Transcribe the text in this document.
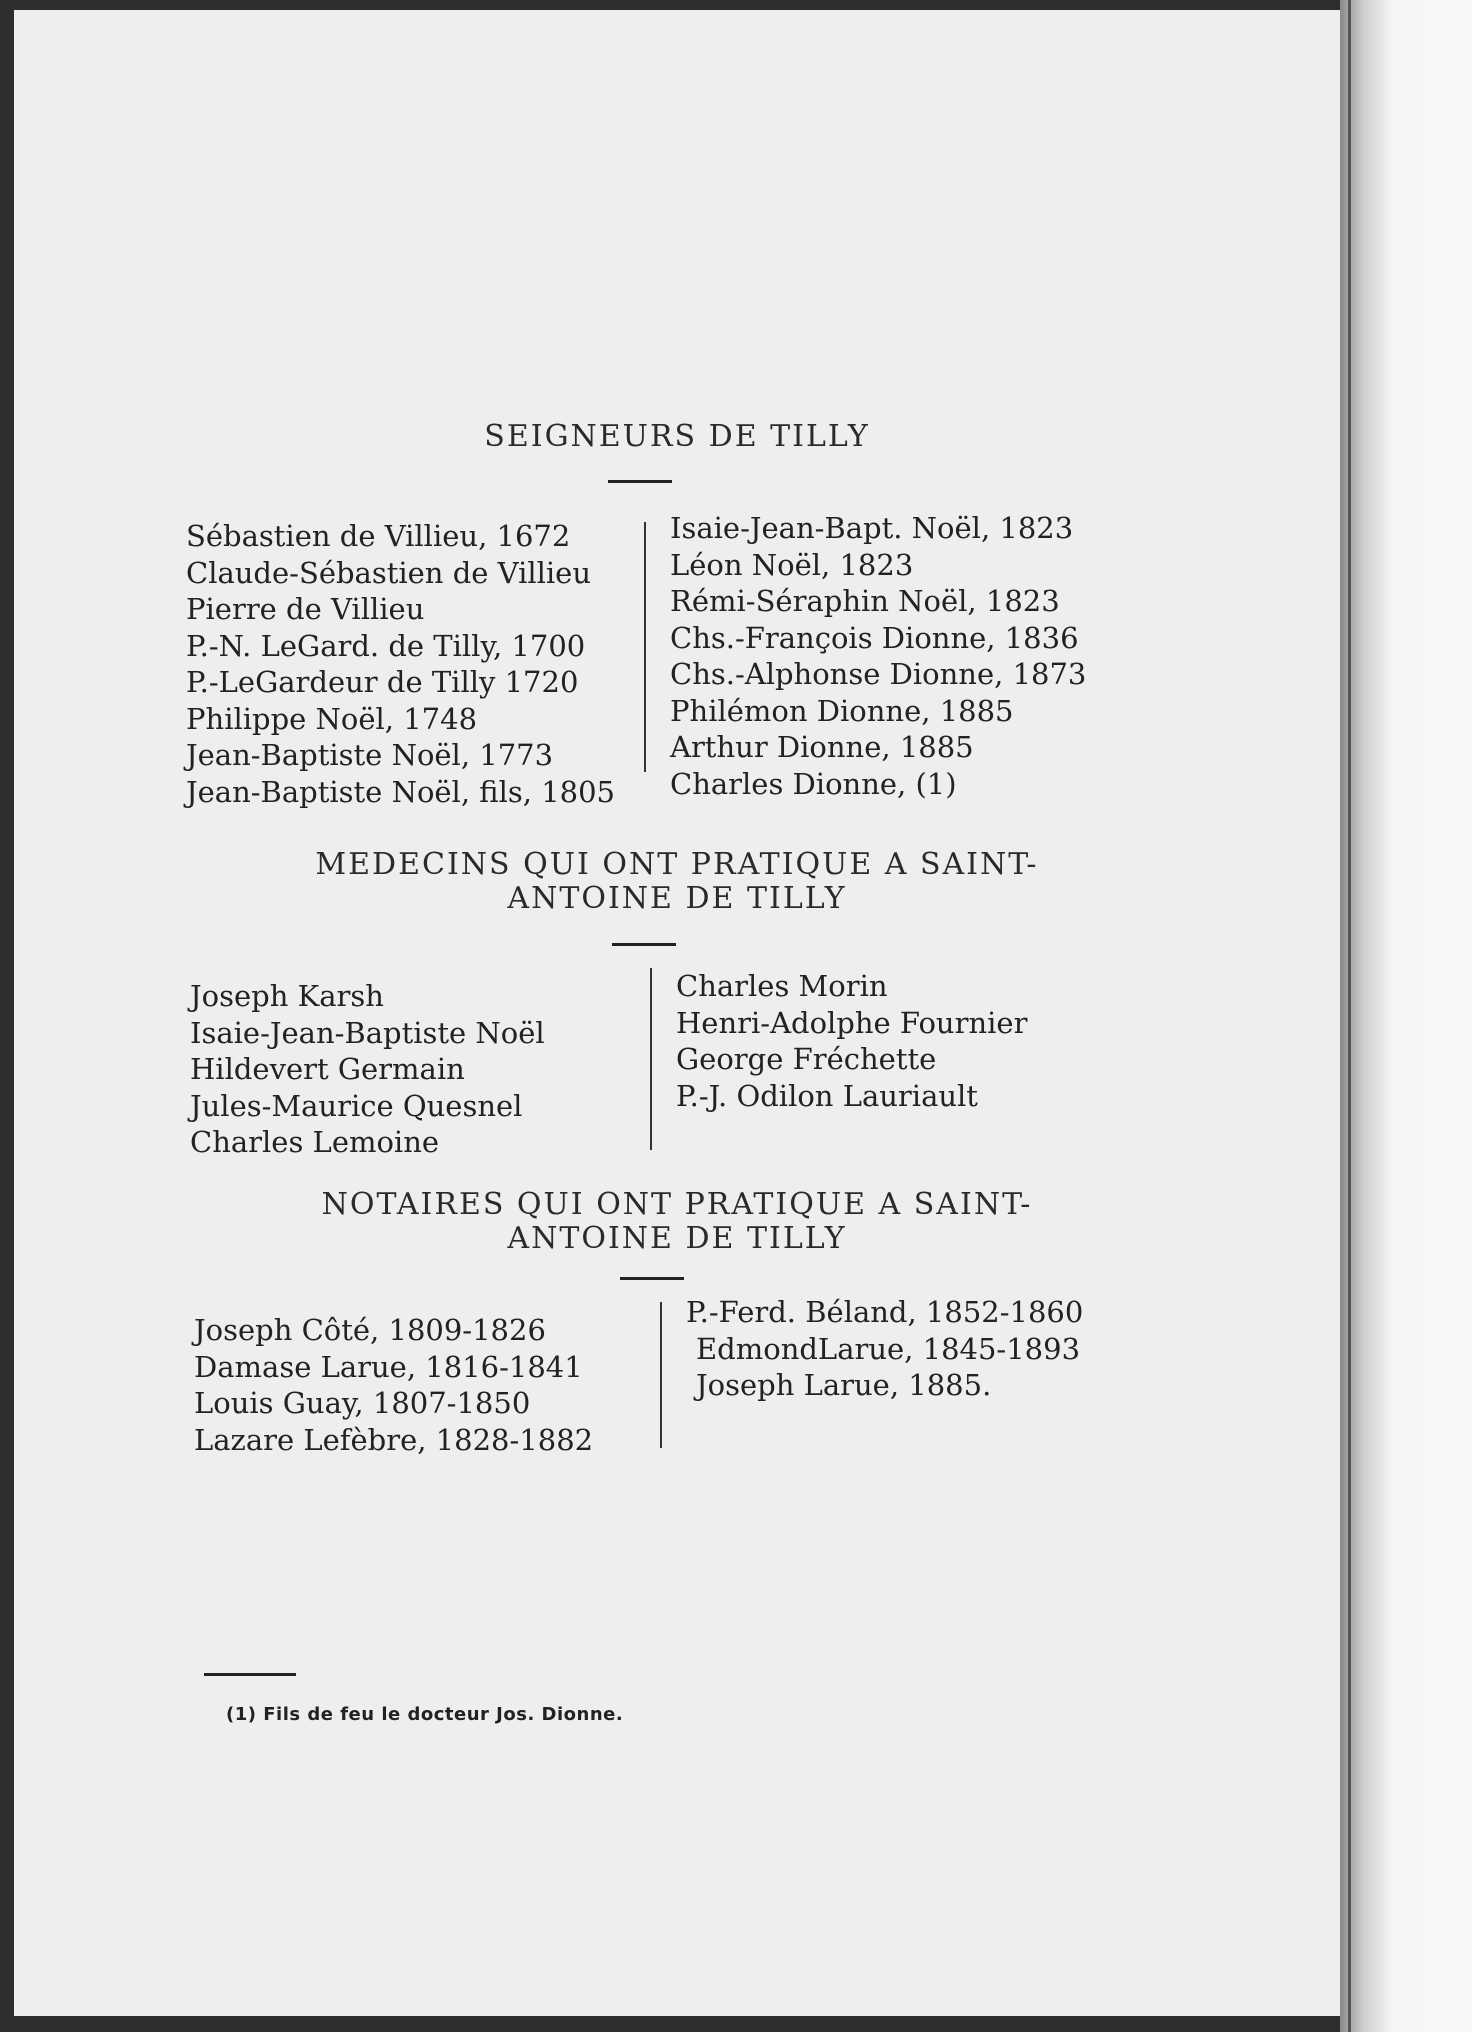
SEIGNEURS DE TILLY
Sébastien de Villieu, 1672
Claude-Sébastien de Villieu
Pierre de Villieu
P.-N. LeGard. de Tilly, 1700
P.-LeGardeur de Tilly 1720
Philippe Noël, 1748
Jean-Baptiste Noël, 1773
Jean-Baptiste Noël, fils, 1805
Isaie-Jean-Bapt. Noël, 1823
Léon Noël, 1823
Rémi-Séraphin Noël, 1823
Chs.-François Dionne, 1836
Chs.-Alphonse Dionne, 1873
Philémon Dionne, 1885
Arthur Dionne, 1885
Charles Dionne, (1)
MEDECINS QUI ONT PRATIQUE A SAINT-
ANTOINE DE TILLY
Joseph Karsh
Isaie-Jean-Baptiste Noël
Hildevert Germain
Jules-Maurice Quesnel
Charles Lemoine
Charles Morin
Henri-Adolphe Fournier
George Fréchette
P.-J. Odilon Lauriault
NOTAIRES QUI ONT PRATIQUE A SAINT-
ANTOINE DE TILLY
Joseph Côté, 1809-1826
Damase Larue, 1816-1841
Louis Guay, 1807-1850
Lazare Lefèbre, 1828-1882
P.-Ferd. Béland, 1852-1860
EdmondLarue, 1845-1893
Joseph Larue, 1885.
(1) Fils de feu le docteur Jos. Dionne.
